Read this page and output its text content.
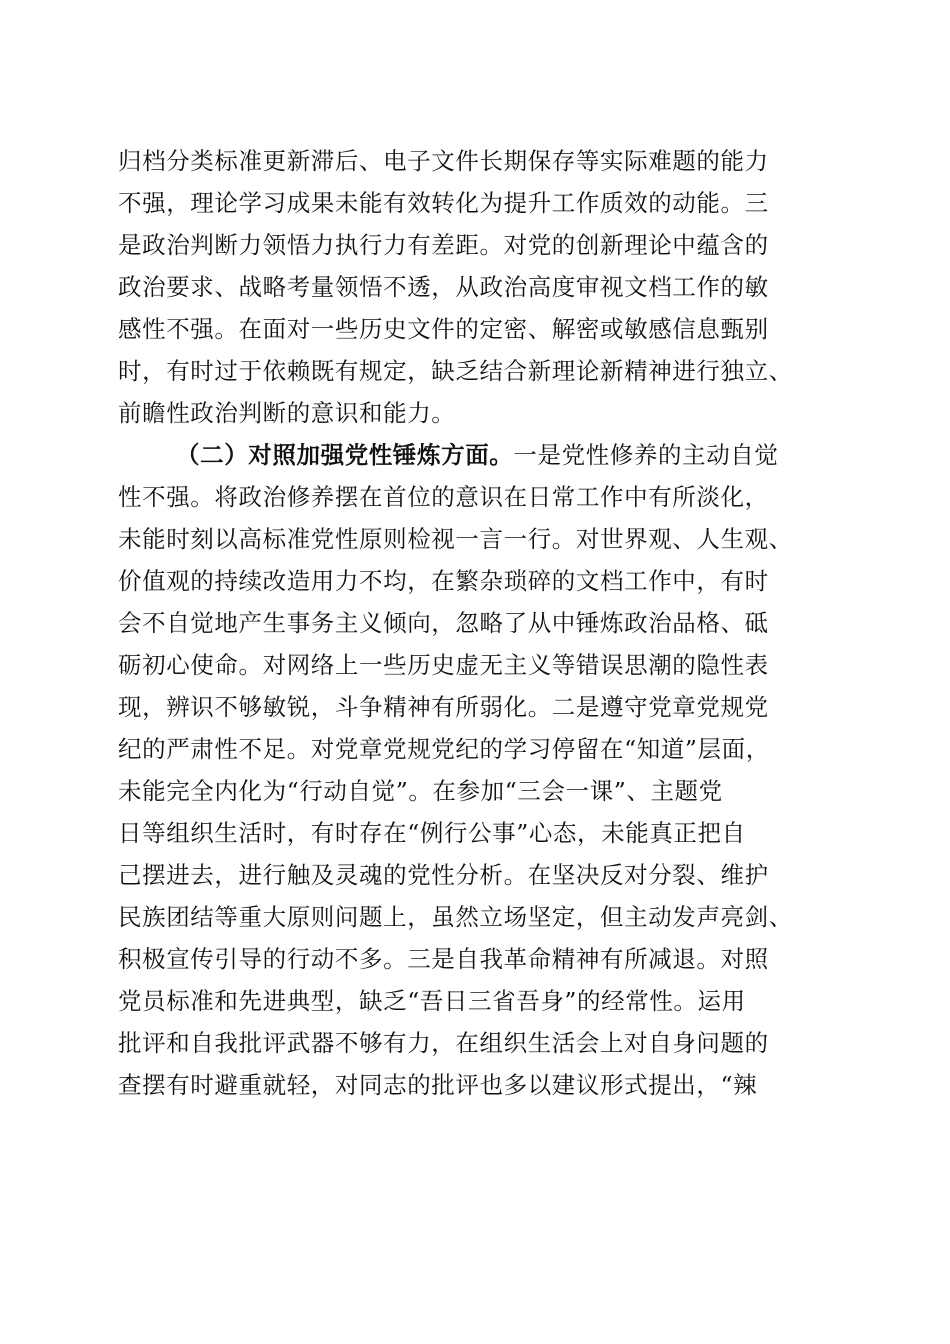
归档分类标准更新滞后、电子文件长期保存等实际难题的能力
不强，理论学习成果未能有效转化为提升工作质效的动能。三
是政治判断力领悟力执行力有差距。对党的创新理论中蕴含的
政治要求、战略考量领悟不透，从政治高度审视文档工作的敏
感性不强。在面对一些历史文件的定密、解密或敏感信息甄别
时，有时过于依赖既有规定，缺乏结合新理论新精神进行独立、
前瞻性政治判断的意识和能力。
（二）对照加强党性锤炼方面。一是党性修养的主动自觉
性不强。将政治修养摆在首位的意识在日常工作中有所淡化，
未能时刻以高标准党性原则检视一言一行。对世界观、人生观、
价值观的持续改造用力不均，在繁杂琐碎的文档工作中，有时
会不自觉地产生事务主义倾向，忽略了从中锤炼政治品格、砥
砺初心使命。对网络上一些历史虚无主义等错误思潮的隐性表
现，辨识不够敏锐，斗争精神有所弱化。二是遵守党章党规党
纪的严肃性不足。对党章党规党纪的学习停留在“知道”层面，
未能完全内化为“行动自觉”。在参加“三会一课”、主题党
日等组织生活时，有时存在“例行公事”心态，未能真正把自
己摆进去，进行触及灵魂的党性分析。在坚决反对分裂、维护
民族团结等重大原则问题上，虽然立场坚定，但主动发声亮剑、
积极宣传引导的行动不多。三是自我革命精神有所减退。对照
党员标准和先进典型，缺乏“吾日三省吾身”的经常性。运用
批评和自我批评武器不够有力，在组织生活会上对自身问题的
查摆有时避重就轻，对同志的批评也多以建议形式提出，“辣
